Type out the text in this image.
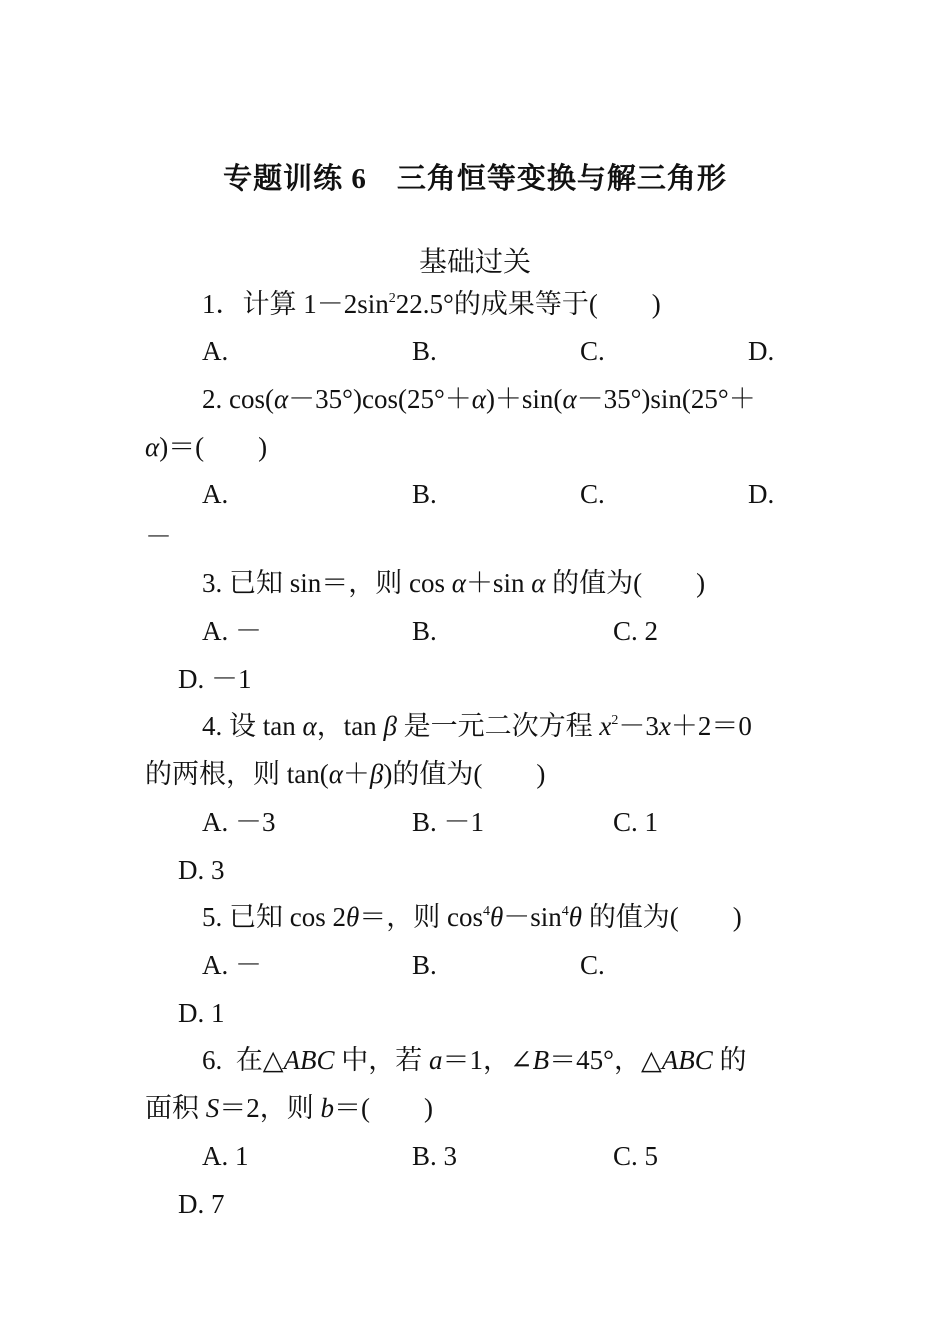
专题训练 6　三角恒等变换与解三角形
基础过关
1．计算 $1-2\sin^222.5^\circ$的成果等于(　　)
A.	B.	C.	D.
2. cos(α－35°)cos(25°＋α)＋sin(α－35°)sin(25°＋
α)＝(　　)
A.	B.	C.	D.
－
3. 已知 sin＝，则 cos α＋sin α 的值为(　　)
A. －	B.	C. 2
D. －1
4. 设 tan α，tan β 是一元二次方程 $x^2-3x+2=0$
的两根，则 tan(α＋β)的值为(　　)
A. －3	B. －1	C. 1
D. 3
5. 已知 cos 2θ＝，则 $\cos^4\theta-\sin^4\theta$ 的值为(　　)
A. －	B.	C.
D. 1
6.  在△ABC 中，若 a＝1，∠B＝45°，△ABC 的
面积 S＝2，则 b＝(　　)
A. 1	B. 3	C. 5
D. 7
